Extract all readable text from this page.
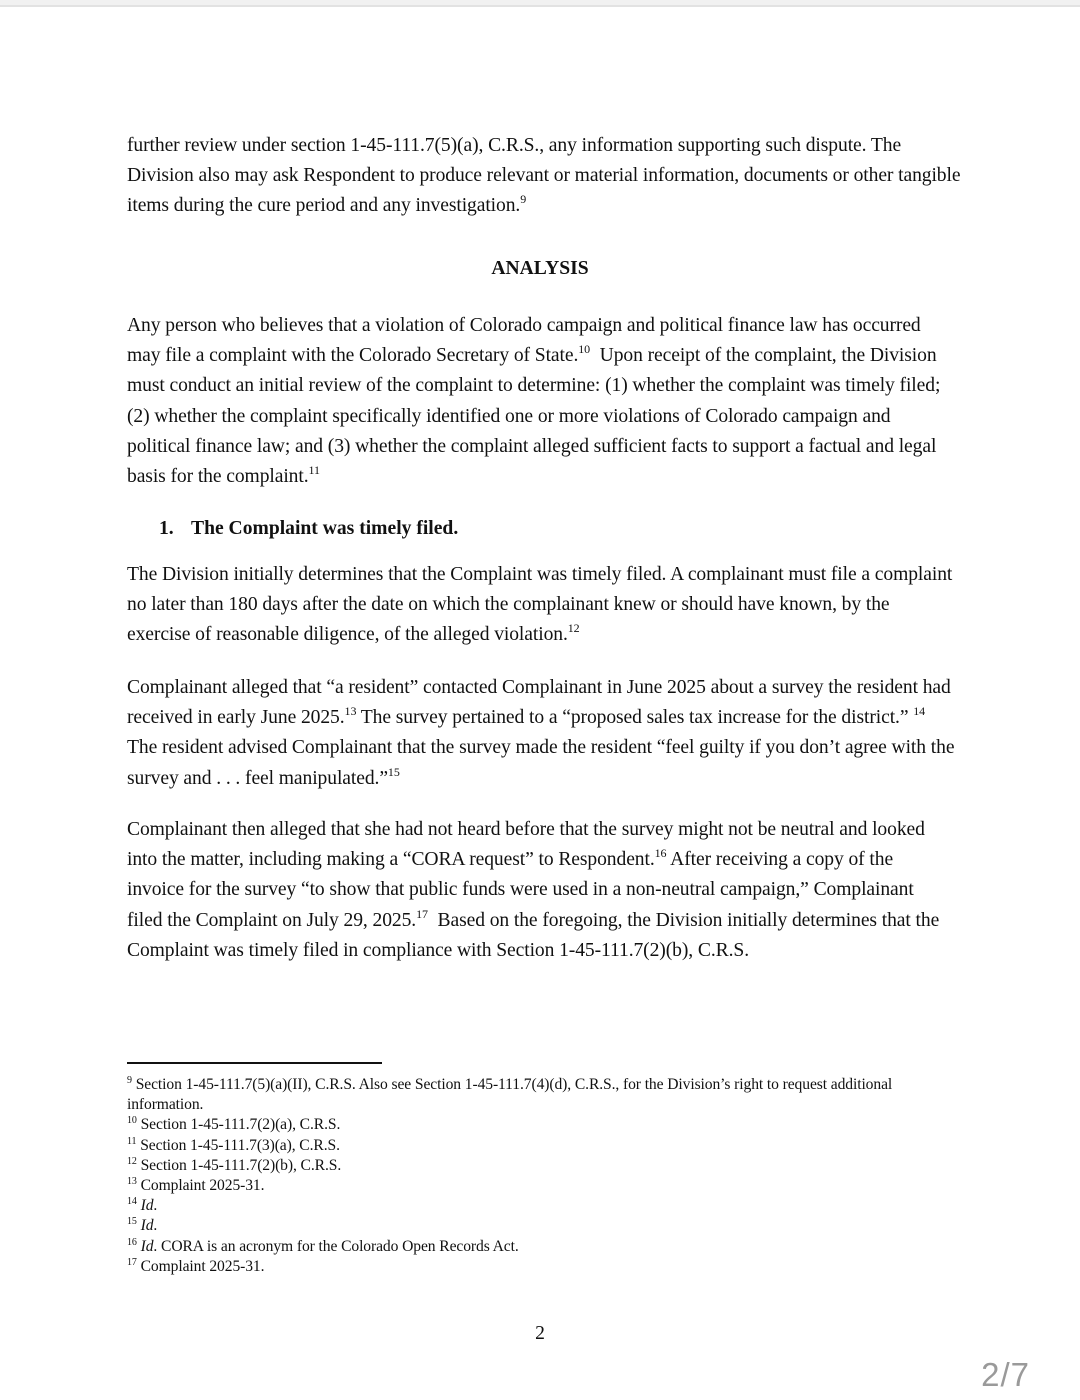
further review under section 1-45-111.7(5)(a), C.R.S., any information supporting such dispute. The Division also may ask Respondent to produce relevant or material information, documents or other tangible items during the cure period and any investigation.$^9$

ANALYSIS

Any person who believes that a violation of Colorado campaign and political finance law has occurred may file a complaint with the Colorado Secretary of State.$^{10}$  Upon receipt of the complaint, the Division must conduct an initial review of the complaint to determine: (1) whether the complaint was timely filed; (2) whether the complaint specifically identified one or more violations of Colorado campaign and political finance law; and (3) whether the complaint alleged sufficient facts to support a factual and legal basis for the complaint.$^{11}$

1. The Complaint was timely filed.

The Division initially determines that the Complaint was timely filed. A complainant must file a complaint no later than 180 days after the date on which the complainant knew or should have known, by the exercise of reasonable diligence, of the alleged violation.$^{12}$

Complainant alleged that “a resident” contacted Complainant in June 2025 about a survey the resident had received in early June 2025.13 The survey pertained to a “proposed sales tax increase for the district.” $^{14}$ The resident advised Complainant that the survey made the resident “feel guilty if you don’t agree with the survey and . . . feel manipulated.”$^{15}$

Complainant then alleged that she had not heard before that the survey might not be neutral and looked into the matter, including making a “CORA request” to Respondent.$^{16}$ After receiving a copy of the invoice for the survey “to show that public funds were used in a non-neutral campaign,” Complainant filed the Complaint on July 29, 2025.17  Based on the foregoing, the Division initially determines that the Complaint was timely filed in compliance with Section 1-45-111.7(2)(b), C.R.S.

$^9$ Section 1-45-111.7(5)(a)(II), C.R.S. Also see Section 1-45-111.7(4)(d), C.R.S., for the Division’s right to request additional information.

$^{10}$ Section 1-45-111.7(2)(a), C.R.S.

$^{11}$ Section 1-45-111.7(3)(a), C.R.S.

$^{12}$ Section 1-45-111.7(2)(b), C.R.S.

$^{13}$ Complaint 2025-31.

$^{14}$ Id.

$^{15}$ Id.

$^{16}$ Id. CORA is an acronym for the Colorado Open Records Act.

$^{17}$ Complaint 2025-31.

2
2/7
